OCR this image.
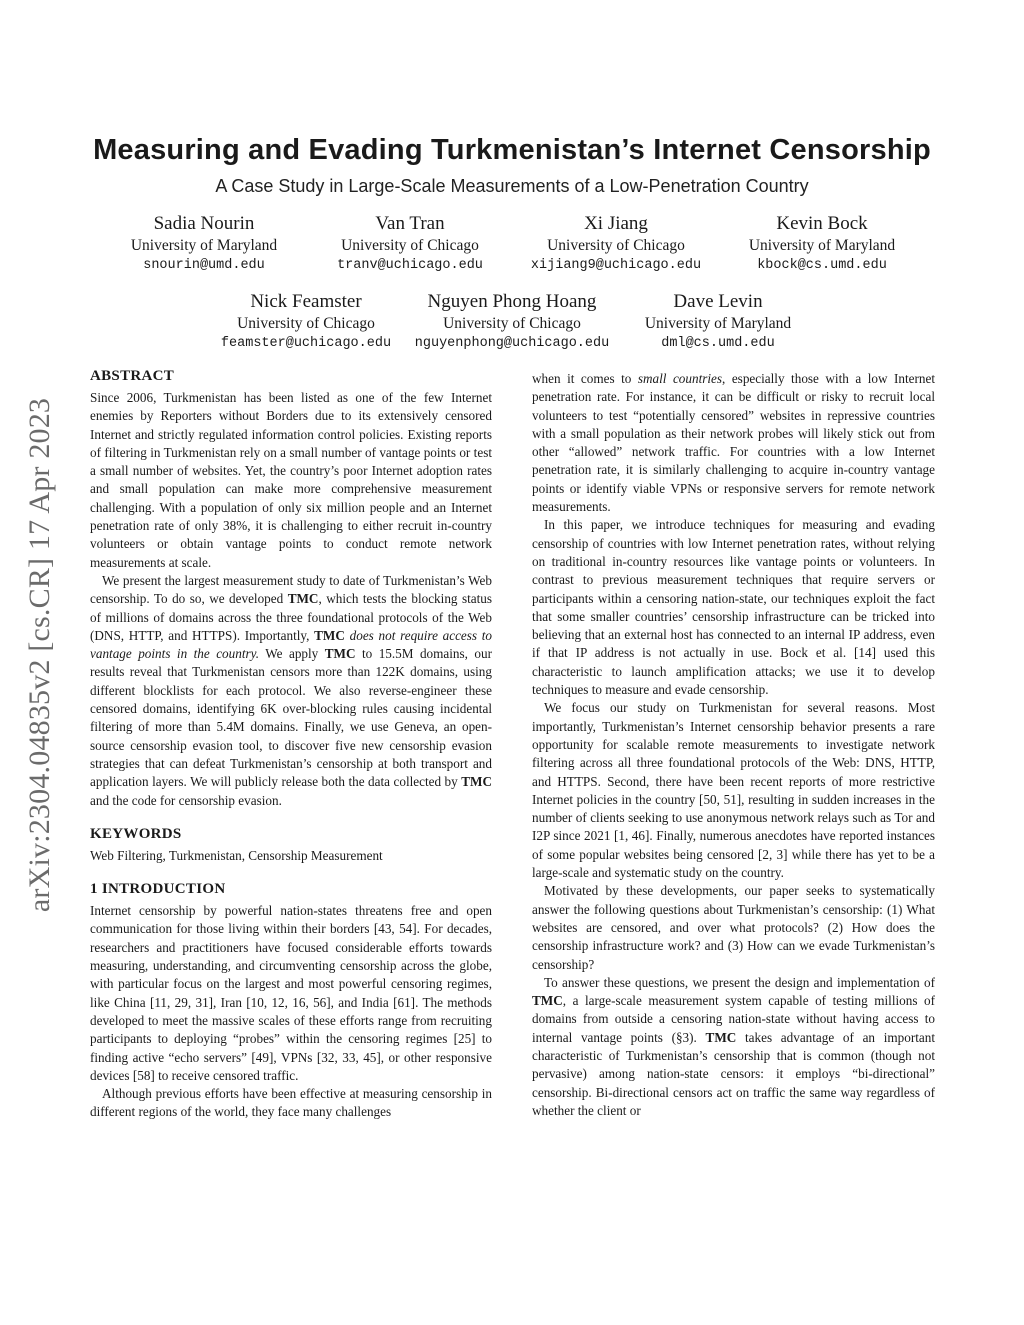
arXiv:2304.04835v2 [cs.CR] 17 Apr 2023
Measuring and Evading Turkmenistan’s Internet Censorship
A Case Study in Large-Scale Measurements of a Low-Penetration Country
Sadia Nourin
University of Maryland
snourin@umd.edu
Van Tran
University of Chicago
tranv@uchicago.edu
Xi Jiang
University of Chicago
xijiang9@uchicago.edu
Kevin Bock
University of Maryland
kbock@cs.umd.edu
Nick Feamster
University of Chicago
feamster@uchicago.edu
Nguyen Phong Hoang
University of Chicago
nguyenphong@uchicago.edu
Dave Levin
University of Maryland
dml@cs.umd.edu
ABSTRACT

Since 2006, Turkmenistan has been listed as one of the few Internet enemies by Reporters without Borders due to its extensively censored Internet and strictly regulated information control policies. Existing reports of filtering in Turkmenistan rely on a small number of vantage points or test a small number of websites. Yet, the country’s poor Internet adoption rates and small population can make more comprehensive measurement challenging. With a population of only six million people and an Internet penetration rate of only 38%, it is challenging to either recruit in-country volunteers or obtain vantage points to conduct remote network measurements at scale.

We present the largest measurement study to date of Turkmenistan’s Web censorship. To do so, we developed TMC, which tests the blocking status of millions of domains across the three foundational protocols of the Web (DNS, HTTP, and HTTPS). Importantly, TMC does not require access to vantage points in the country. We apply TMC to 15.5M domains, our results reveal that Turkmenistan censors more than 122K domains, using different blocklists for each protocol. We also reverse-engineer these censored domains, identifying 6K over-blocking rules causing incidental filtering of more than 5.4M domains. Finally, we use Geneva, an open-source censorship evasion tool, to discover five new censorship evasion strategies that can defeat Turkmenistan’s censorship at both transport and application layers. We will publicly release both the data collected by TMC and the code for censorship evasion.

KEYWORDS

Web Filtering, Turkmenistan, Censorship Measurement

1 INTRODUCTION

Internet censorship by powerful nation-states threatens free and open communication for those living within their borders [43, 54]. For decades, researchers and practitioners have focused considerable efforts towards measuring, understanding, and circumventing censorship across the globe, with particular focus on the largest and most powerful censoring regimes, like China [11, 29, 31], Iran [10, 12, 16, 56], and India [61]. The methods developed to meet the massive scales of these efforts range from recruiting participants to deploying “probes” within the censoring regimes [25] to finding active “echo servers” [49], VPNs [32, 33, 45], or other responsive devices [58] to receive censored traffic.

Although previous efforts have been effective at measuring censorship in different regions of the world, they face many challenges

when it comes to small countries, especially those with a low Internet penetration rate. For instance, it can be difficult or risky to recruit local volunteers to test “potentially censored” websites in repressive countries with a small population as their network probes will likely stick out from other “allowed” network traffic. For countries with a low Internet penetration rate, it is similarly challenging to acquire in-country vantage points or identify viable VPNs or responsive servers for remote network measurements.

In this paper, we introduce techniques for measuring and evading censorship of countries with low Internet penetration rates, without relying on traditional in-country resources like vantage points or volunteers. In contrast to previous measurement techniques that require servers or participants within a censoring nation-state, our techniques exploit the fact that some smaller countries’ censorship infrastructure can be tricked into believing that an external host has connected to an internal IP address, even if that IP address is not actually in use. Bock et al. [14] used this characteristic to launch amplification attacks; we use it to develop techniques to measure and evade censorship.

We focus our study on Turkmenistan for several reasons. Most importantly, Turkmenistan’s Internet censorship behavior presents a rare opportunity for scalable remote measurements to investigate network filtering across all three foundational protocols of the Web: DNS, HTTP, and HTTPS. Second, there have been recent reports of more restrictive Internet policies in the country [50, 51], resulting in sudden increases in the number of clients seeking to use anonymous network relays such as Tor and I2P since 2021 [1, 46]. Finally, numerous anecdotes have reported instances of some popular websites being censored [2, 3] while there has yet to be a large-scale and systematic study on the country.

Motivated by these developments, our paper seeks to systematically answer the following questions about Turkmenistan’s censorship: (1) What websites are censored, and over what protocols? (2) How does the censorship infrastructure work? and (3) How can we evade Turkmenistan’s censorship?

To answer these questions, we present the design and implementation of TMC, a large-scale measurement system capable of testing millions of domains from outside a censoring nation-state without having access to internal vantage points (§3). TMC takes advantage of an important characteristic of Turkmenistan’s censorship that is common (though not pervasive) among nation-state censors: it employs “bi-directional” censorship. Bi-directional censors act on traffic the same way regardless of whether the client or
